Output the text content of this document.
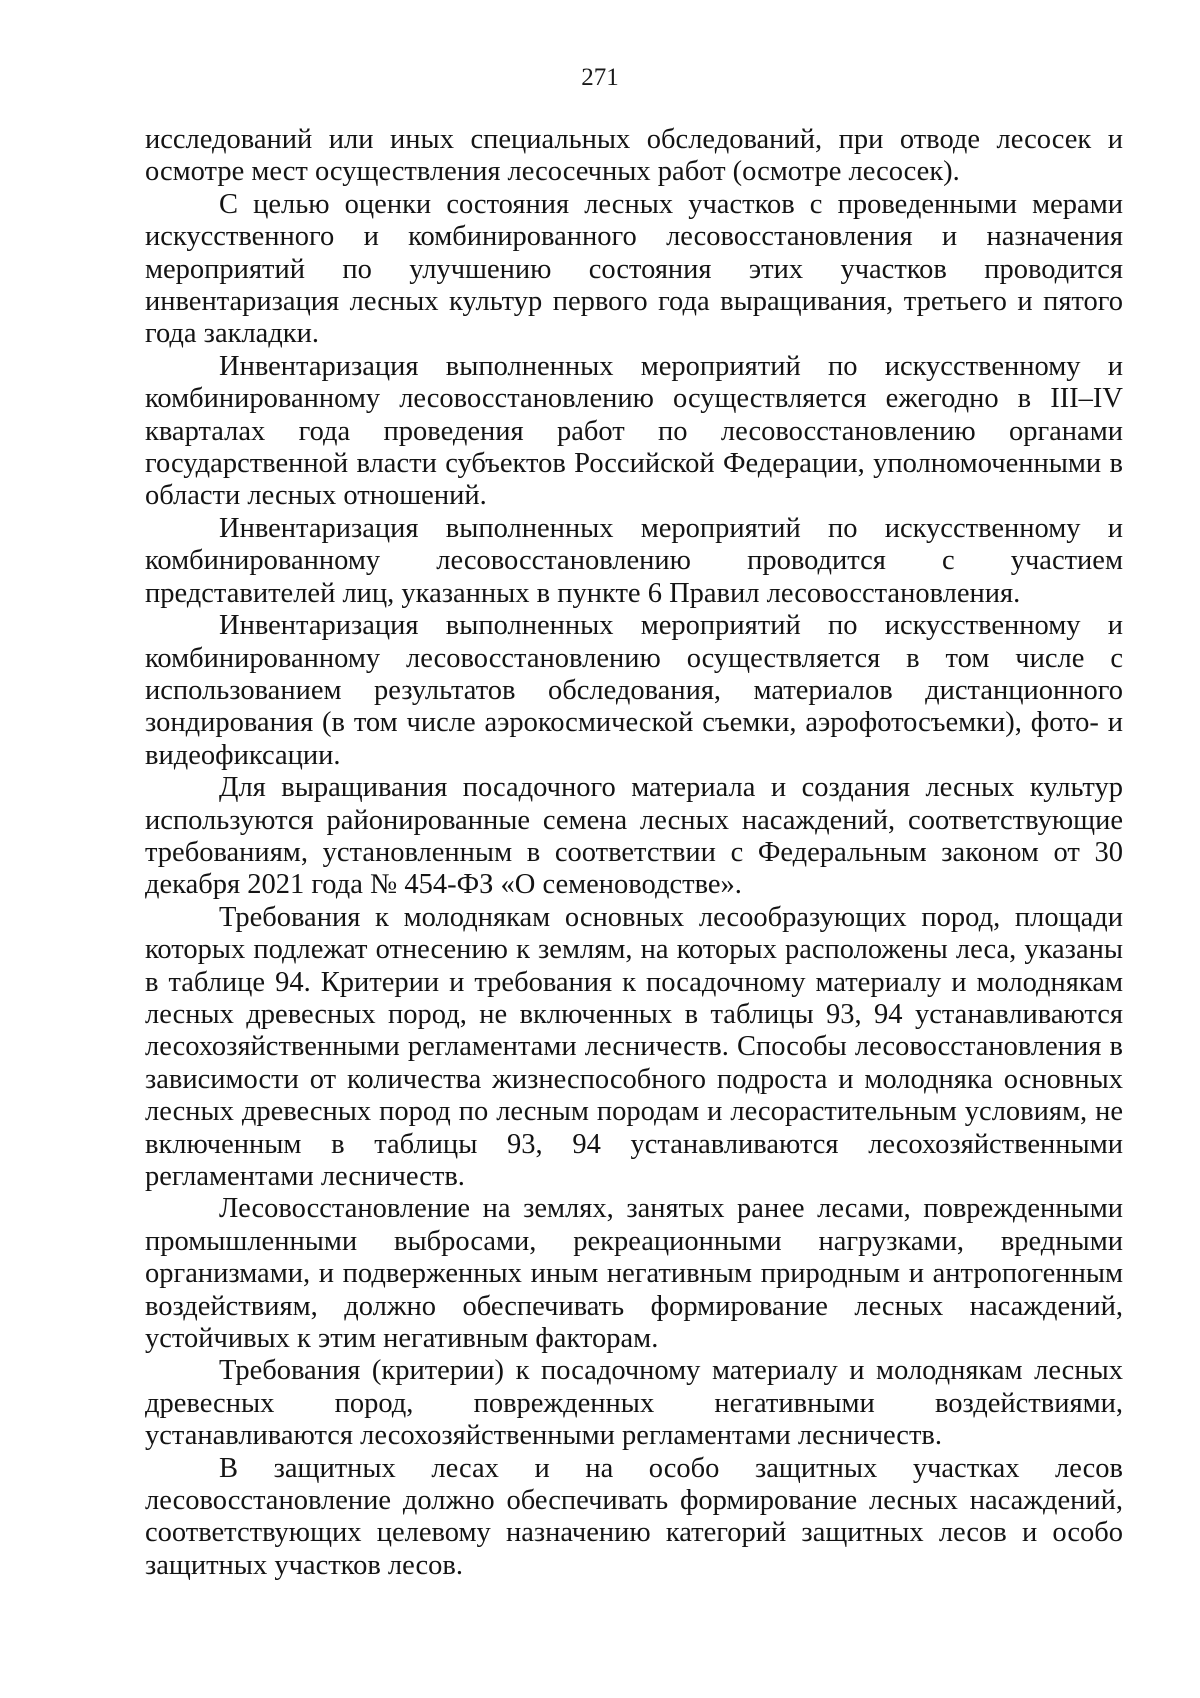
271

исследований или иных специальных обследований, при отводе лесосек и осмотре мест осуществления лесосечных работ (осмотре лесосек).

С целью оценки состояния лесных участков с проведенными мерами искусственного и комбинированного лесовосстановления и назначения мероприятий по улучшению состояния этих участков проводится инвентаризация лесных культур первого года выращивания, третьего и пятого года закладки.

Инвентаризация выполненных мероприятий по искусственному и комбинированному лесовосстановлению осуществляется ежегодно в III–IV кварталах года проведения работ по лесовосстановлению органами государственной власти субъектов Российской Федерации, уполномоченными в области лесных отношений.

Инвентаризация выполненных мероприятий по искусственному и комбинированному лесовосстановлению проводится с участием представителей лиц, указанных в пункте 6 Правил лесовосстановления.

Инвентаризация выполненных мероприятий по искусственному и комбинированному лесовосстановлению осуществляется в том числе с использованием результатов обследования, материалов дистанционного зондирования (в том числе аэрокосмической съемки, аэрофотосъемки), фото- и видеофиксации.

Для выращивания посадочного материала и создания лесных культур используются районированные семена лесных насаждений, соответствующие требованиям, установленным в соответствии с Федеральным законом от 30 декабря 2021 года № 454-ФЗ «О семеноводстве».

Требования к молоднякам основных лесообразующих пород, площади которых подлежат отнесению к землям, на которых расположены леса, указаны в таблице 94. Критерии и требования к посадочному материалу и молоднякам лесных древесных пород, не включенных в таблицы 93, 94 устанавливаются лесохозяйственными регламентами лесничеств. Способы лесовосстановления в зависимости от количества жизнеспособного подроста и молодняка основных лесных древесных пород по лесным породам и лесорастительным условиям, не включенным в таблицы 93, 94 устанавливаются лесохозяйственными регламентами лесничеств.

Лесовосстановление на землях, занятых ранее лесами, поврежденными промышленными выбросами, рекреационными нагрузками, вредными организмами, и подверженных иным негативным природным и антропогенным воздействиям, должно обеспечивать формирование лесных насаждений, устойчивых к этим негативным факторам.

Требования (критерии) к посадочному материалу и молоднякам лесных древесных пород, поврежденных негативными воздействиями, устанавливаются лесохозяйственными регламентами лесничеств.

В защитных лесах и на особо защитных участках лесов лесовосстановление должно обеспечивать формирование лесных насаждений, соответствующих целевому назначению категорий защитных лесов и особо защитных участков лесов.
